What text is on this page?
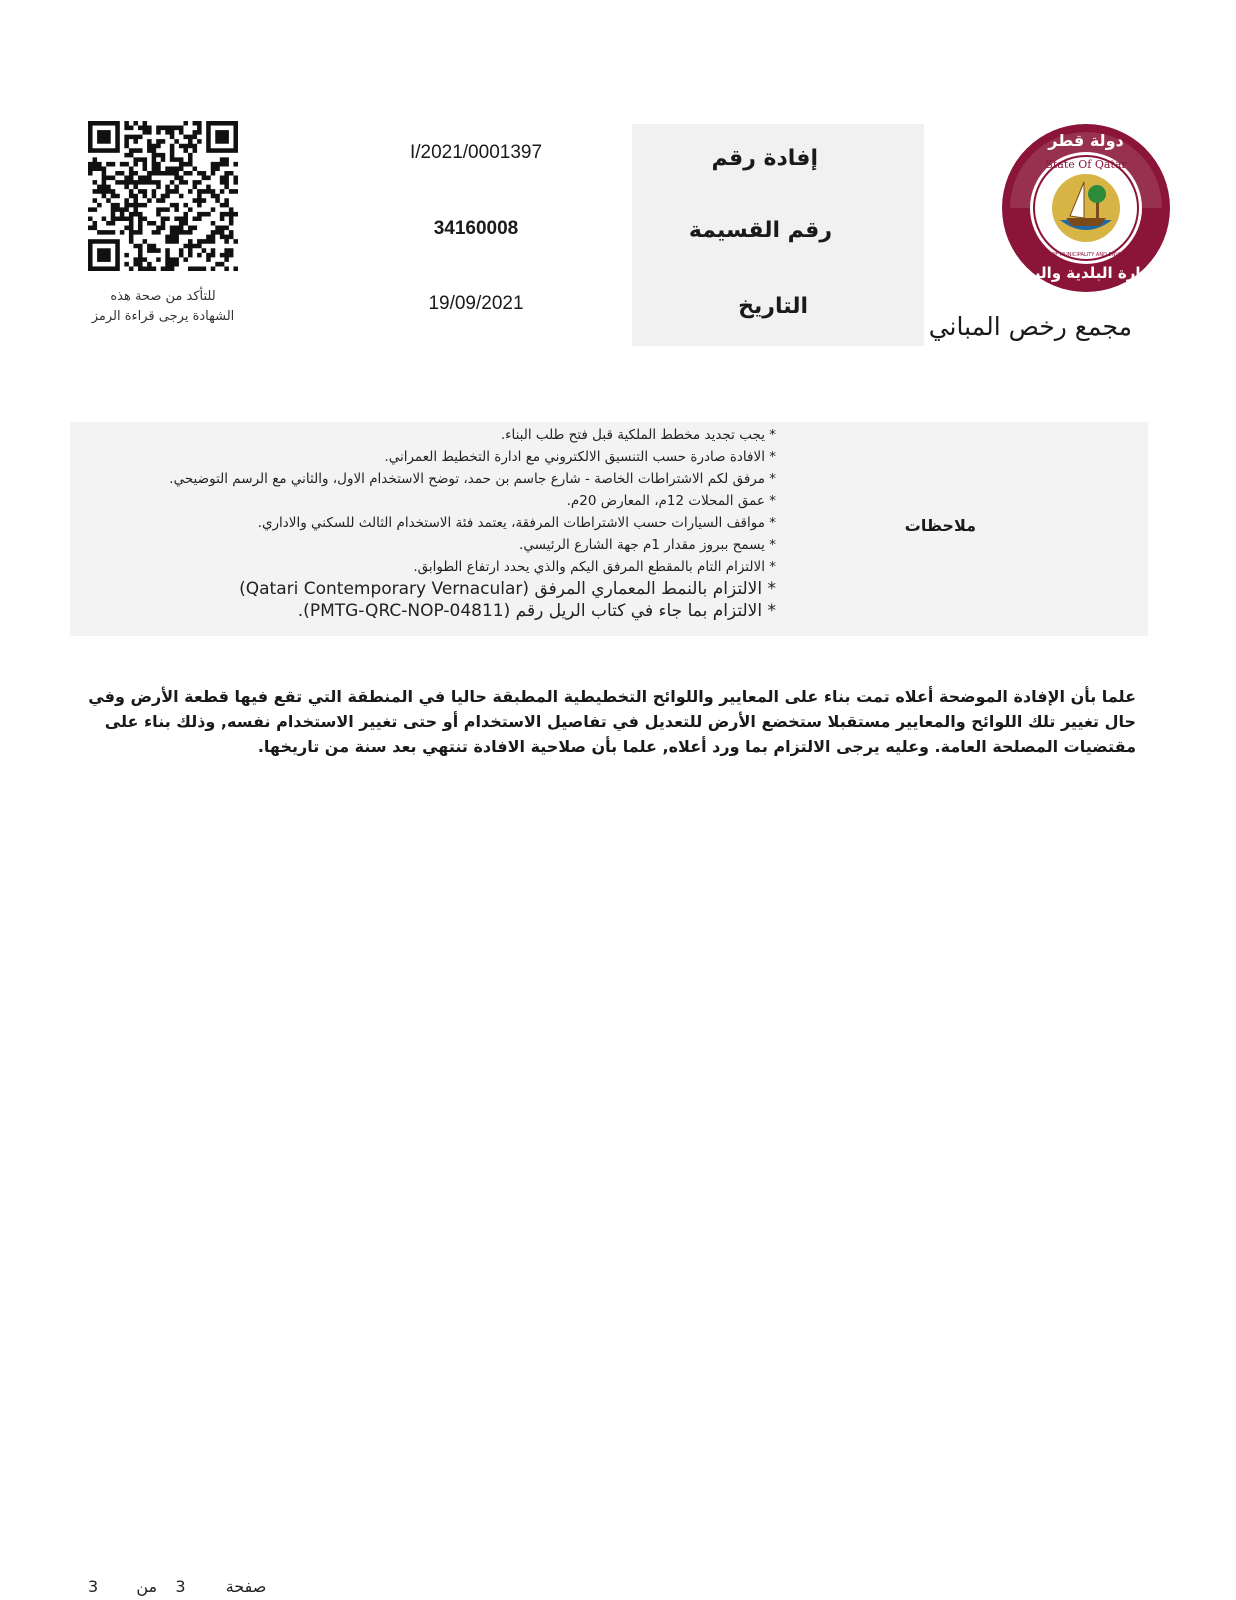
State Of Qatar
دولة قطر
وزارة البلدية والبيئة
MINISTRY OF MUNICIPALITY AND ENVIRONMENT
مجمع رخص المباني
إفادة رقم
رقم القسيمة
التاريخ
I/2021/0001397
34160008
19/09/2021
للتأكد من صحة هذه
الشهادة يرجى قراءة الرمز
ملاحظات
* يجب تجديد مخطط الملكية قبل فتح طلب البناء.
* الافادة صادرة حسب التنسيق الالكتروني مع ادارة التخطيط العمراني.
* مرفق لكم الاشتراطات الخاصة - شارع جاسم بن حمد، توضح الاستخدام الاول، والثاني مع الرسم التوضيحي.
* عمق المحلات 12م، المعارض 20م.
* مواقف السيارات حسب الاشتراطات المرفقة، يعتمد فئة الاستخدام الثالث للسكني والاداري.
* يسمح ببروز مقدار 1م جهة الشارع الرئيسي.
* الالتزام التام بالمقطع المرفق اليكم والذي يحدد ارتفاع الطوابق.
* الالتزام بالنمط المعماري المرفق (Qatari Contemporary Vernacular)
* الالتزام بما جاء في كتاب الريل رقم (PMTG-QRC-NOP-04811).

علما بأن الإفادة الموضحة أعلاه تمت بناء على المعايير واللوائح التخطيطية المطبقة حاليا في المنطقة التي تقع فيها قطعة الأرض وفي حال تغيير تلك اللوائح والمعايير مستقبلا ستخضع الأرض للتعديل في تفاصيل الاستخدام أو حتى تغيير الاستخدام نفسه, وذلك بناء على مقتضيات المصلحة العامة. وعليه يرجى الالتزام بما ورد أعلاه, علما بأن صلاحية الافادة تنتهي بعد سنة من تاريخها.

صفحة  3  من  3
